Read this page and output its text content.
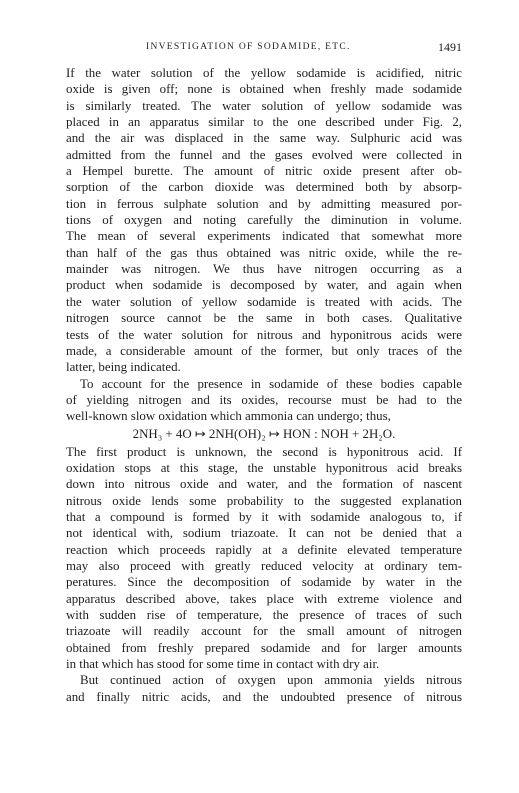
INVESTIGATION OF SODAMIDE, ETC.	1491
If the water solution of the yellow sodamide is acidified, nitric
oxide is given off; none is obtained when freshly made sodamide
is similarly treated. The water solution of yellow sodamide was
placed in an apparatus similar to the one described under Fig. 2,
and the air was displaced in the same way. Sulphuric acid was
admitted from the funnel and the gases evolved were collected in
a Hempel burette. The amount of nitric oxide present after ob-
sorption of the carbon dioxide was determined both by absorp-
tion in ferrous sulphate solution and by admitting measured por-
tions of oxygen and noting carefully the diminution in volume.
The mean of several experiments indicated that somewhat more
than half of the gas thus obtained was nitric oxide, while the re-
mainder was nitrogen. We thus have nitrogen occurring as a
product when sodamide is decomposed by water, and again when
the water solution of yellow sodamide is treated with acids. The
nitrogen source cannot be the same in both cases. Qualitative
tests of the water solution for nitrous and hyponitrous acids were
made, a considerable amount of the former, but only traces of the
latter, being indicated.
To account for the presence in sodamide of these bodies capable
of yielding nitrogen and its oxides, recourse must be had to the
well-known slow oxidation which ammonia can undergo; thus,
2NH₃ + 4O ↦ 2NH(OH)₂ ↦ HON : NOH + 2H₂O.
The first product is unknown, the second is hyponitrous acid. If
oxidation stops at this stage, the unstable hyponitrous acid breaks
down into nitrous oxide and water, and the formation of nascent
nitrous oxide lends some probability to the suggested explanation
that a compound is formed by it with sodamide analogous to, if
not identical with, sodium triazoate. It can not be denied that a
reaction which proceeds rapidly at a definite elevated temperature
may also proceed with greatly reduced velocity at ordinary tem-
peratures. Since the decomposition of sodamide by water in the
apparatus described above, takes place with extreme violence and
with sudden rise of temperature, the presence of traces of such
triazoate will readily account for the small amount of nitrogen
obtained from freshly prepared sodamide and for larger amounts
in that which has stood for some time in contact with dry air.
But continued action of oxygen upon ammonia yields nitrous
and finally nitric acids, and the undoubted presence of nitrous
